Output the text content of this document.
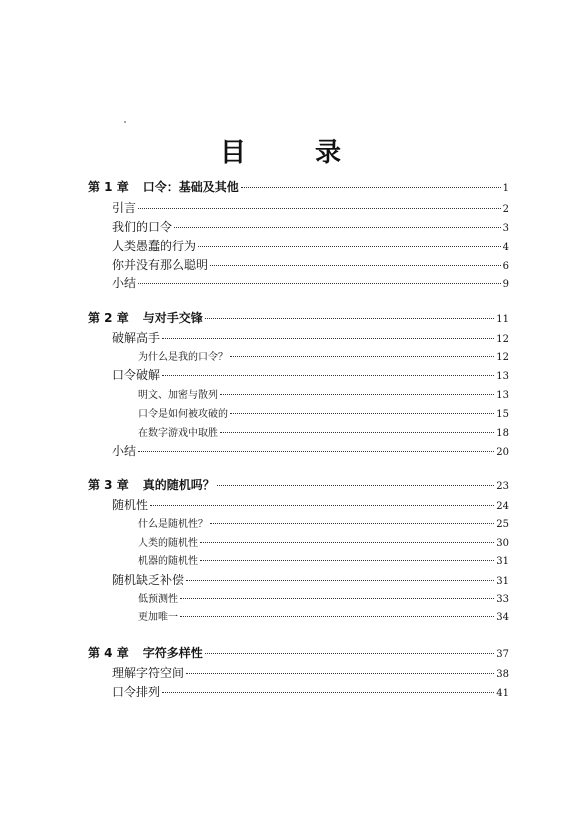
目 录
第 1 章 口令：基础及其他	1
引言	2
我们的口令	3
人类愚蠢的行为	4
你并没有那么聪明	6
小结	9
第 2 章 与对手交锋	11
破解高手	12
为什么是我的口令？	12
口令破解	13
明文、加密与散列	13
口令是如何被攻破的	15
在数字游戏中取胜	18
小结	20
第 3 章 真的随机吗？	23
随机性	24
什么是随机性？	25
人类的随机性	30
机器的随机性	31
随机缺乏补偿	31
低预测性	33
更加唯一	34
第 4 章 字符多样性	37
理解字符空间	38
口令排列	41
